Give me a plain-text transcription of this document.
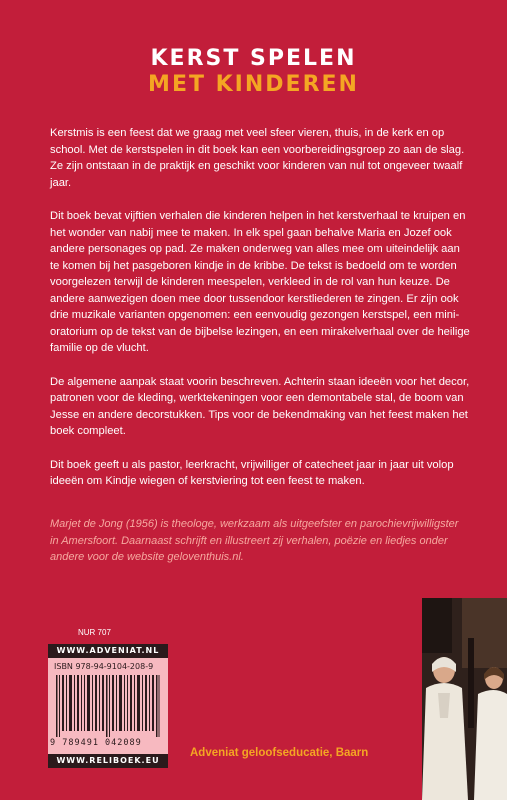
KERST SPELEN
MET KINDEREN

Kerstmis is een feest dat we graag met veel sfeer vieren, thuis, in de kerk en op school. Met de kerstspelen in dit boek kan een voorbereidingsgroep zo aan de slag. Ze zijn ontstaan in de praktijk en geschikt voor kinderen van nul tot ongeveer twaalf jaar.

Dit boek bevat vijftien verhalen die kinderen helpen in het kerstverhaal te kruipen en het wonder van nabij mee te maken. In elk spel gaan behalve Maria en Jozef ook andere personages op pad. Ze maken onderweg van alles mee om uiteindelijk aan te komen bij het pasgeboren kindje in de kribbe. De tekst is bedoeld om te worden voorgelezen terwijl de kinderen meespelen, verkleed in de rol van hun keuze. De andere aanwezigen doen mee door tussendoor kerstliederen te zingen. Er zijn ook drie muzikale varianten opgenomen: een eenvoudig gezongen kerstspel, een mini-oratorium op de tekst van de bijbelse lezingen, en een mirakelverhaal over de heilige familie op de vlucht.

De algemene aanpak staat voorin beschreven. Achterin staan ideeën voor het decor, patronen voor de kleding, werktekeningen voor een demontabele stal, de boom van Jesse en andere decorstukken. Tips voor de bekendmaking van het feest maken het boek compleet.

Dit boek geeft u als pastor, leerkracht, vrijwilliger of catecheet jaar in jaar uit volop ideeën om Kindje wiegen of kerstviering tot een feest te maken.

Marjet de Jong (1956) is theologe, werkzaam als uitgeefster en parochievrijwilligster in Amersfoort. Daarnaast schrijft en illustreert zij verhalen, poëzie en liedjes onder andere voor de website geloventhuis.nl.
NUR 707
WWW.ADVENIAT.NL
ISBN 978-94-9104-208-9
9 789491 042089
WWW.RELIBOEK.EU
Adveniat geloofseducatie, Baarn
